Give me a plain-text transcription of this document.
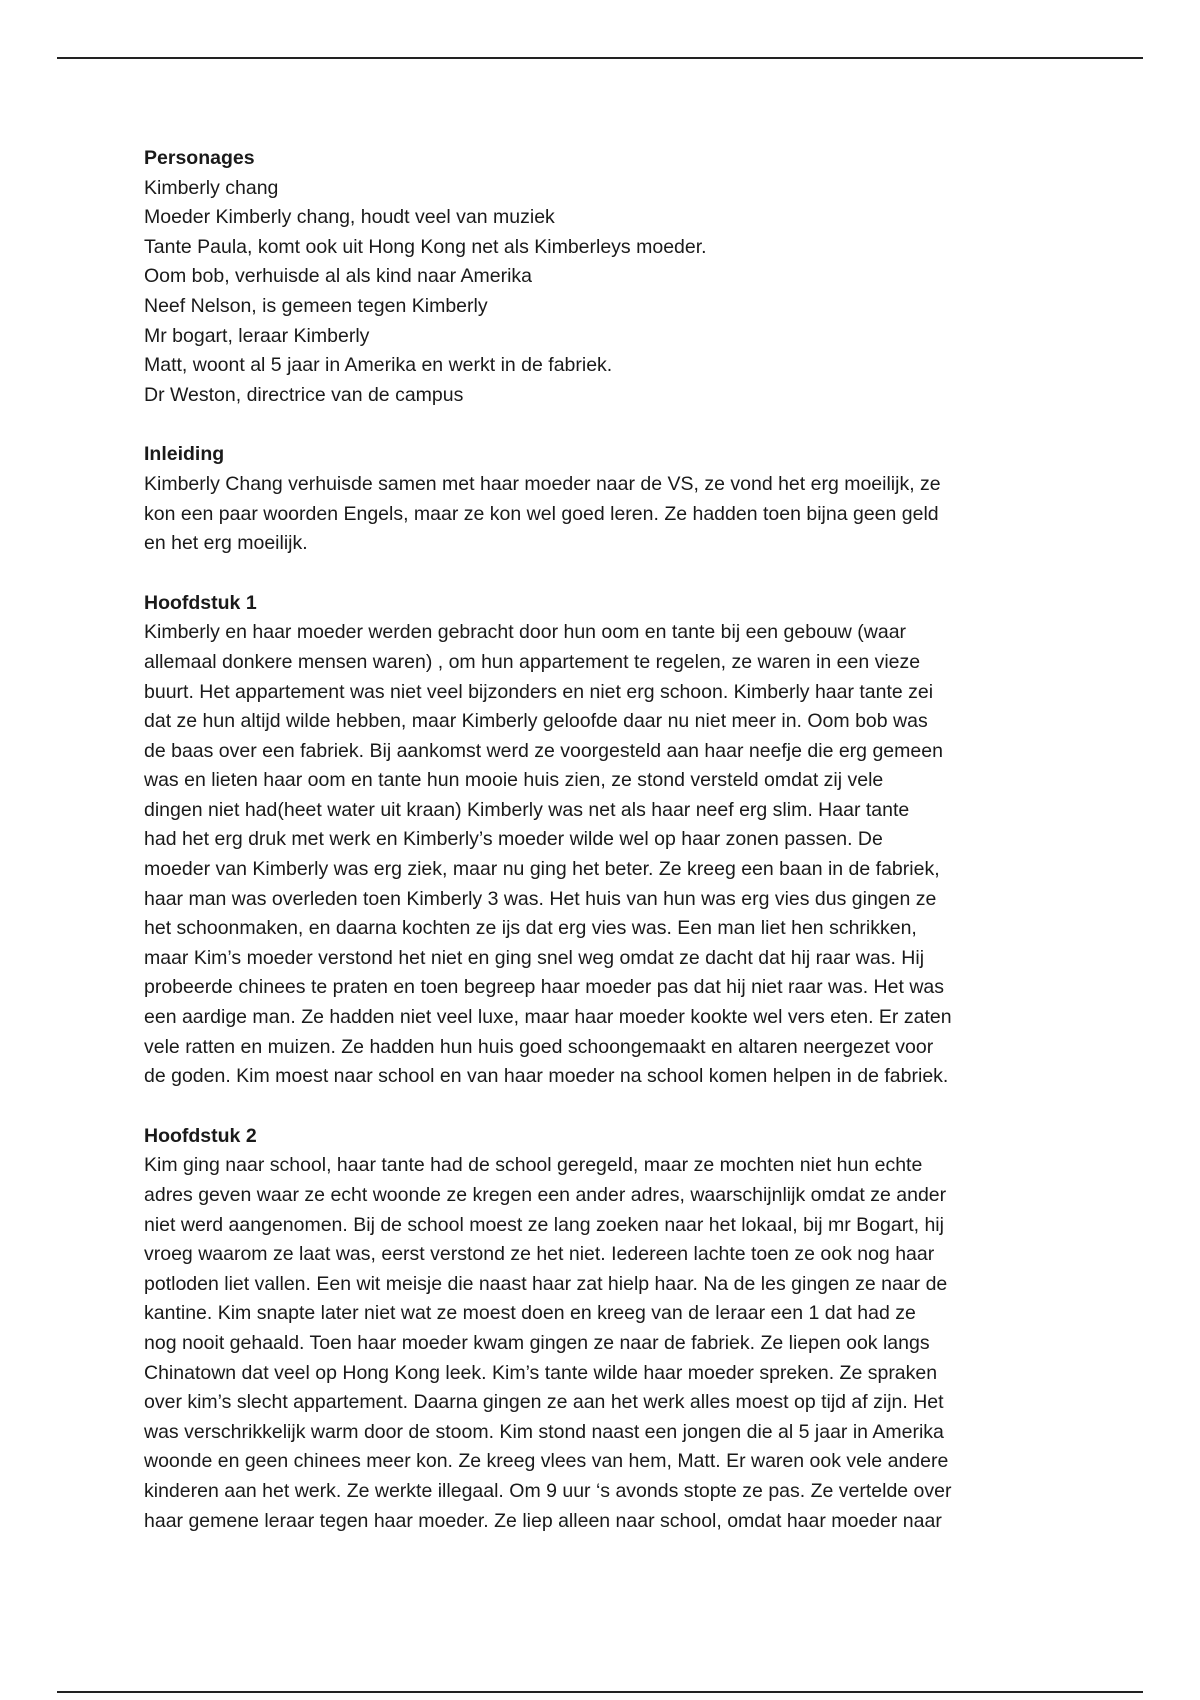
Personages

Kimberly chang

Moeder Kimberly chang, houdt veel van muziek

Tante Paula, komt ook uit Hong Kong net als Kimberleys moeder.

Oom bob, verhuisde al als kind naar Amerika

Neef Nelson, is gemeen tegen Kimberly

Mr bogart, leraar Kimberly

Matt, woont al 5 jaar in Amerika en werkt in de fabriek.

Dr Weston, directrice van de campus

Inleiding

Kimberly Chang verhuisde samen met haar moeder naar de VS, ze vond het erg moeilijk, ze

kon een paar woorden Engels, maar ze kon wel goed leren. Ze hadden toen bijna geen geld

en het erg moeilijk.

Hoofdstuk 1

Kimberly en haar moeder werden gebracht door hun oom en tante bij een gebouw (waar

allemaal donkere mensen waren) , om hun appartement te regelen, ze waren in een vieze

buurt. Het appartement was niet veel bijzonders en niet erg schoon. Kimberly haar tante zei

dat ze hun altijd wilde hebben, maar Kimberly geloofde daar nu niet meer in. Oom bob was

de baas over een fabriek. Bij aankomst werd ze voorgesteld aan haar neefje die erg gemeen

was en lieten haar oom en tante hun mooie huis zien, ze stond versteld omdat zij vele

dingen niet had(heet water uit kraan) Kimberly was net als haar neef erg slim. Haar tante

had het erg druk met werk en Kimberly’s moeder wilde wel op haar zonen passen. De

moeder van Kimberly was erg ziek, maar nu ging het beter. Ze kreeg een baan in de fabriek,

haar man was overleden toen Kimberly 3 was. Het huis van hun was erg vies dus gingen ze

het schoonmaken, en daarna kochten ze ijs dat erg vies was. Een man liet hen schrikken,

maar Kim’s moeder verstond het niet en ging snel weg omdat ze dacht dat hij raar was. Hij

probeerde chinees te praten en toen begreep haar moeder pas dat hij niet raar was. Het was

een aardige man. Ze hadden niet veel luxe, maar haar moeder kookte wel vers eten. Er zaten

vele ratten en muizen. Ze hadden hun huis goed schoongemaakt en altaren neergezet voor

de goden. Kim moest naar school en van haar moeder na school komen helpen in de fabriek.

Hoofdstuk 2

Kim ging naar school, haar tante had de school geregeld, maar ze mochten niet hun echte

adres geven waar ze echt woonde ze kregen een ander adres, waarschijnlijk omdat ze ander

niet werd aangenomen. Bij de school moest ze lang zoeken naar het lokaal, bij mr Bogart, hij

vroeg waarom ze laat was, eerst verstond ze het niet. Iedereen lachte toen ze ook nog haar

potloden liet vallen. Een wit meisje die naast haar zat hielp haar. Na de les gingen ze naar de

kantine. Kim snapte later niet wat ze moest doen en kreeg van de leraar een 1 dat had ze

nog nooit gehaald. Toen haar moeder kwam gingen ze naar de fabriek. Ze liepen ook langs

Chinatown dat veel op Hong Kong leek. Kim’s tante wilde haar moeder spreken. Ze spraken

over kim’s slecht appartement. Daarna gingen ze aan het werk alles moest op tijd af zijn. Het

was verschrikkelijk warm door de stoom. Kim stond naast een jongen die al 5 jaar in Amerika

woonde en geen chinees meer kon. Ze kreeg vlees van hem, Matt. Er waren ook vele andere

kinderen aan het werk. Ze werkte illegaal. Om 9 uur ‘s avonds stopte ze pas. Ze vertelde over

haar gemene leraar tegen haar moeder. Ze liep alleen naar school, omdat haar moeder naar
